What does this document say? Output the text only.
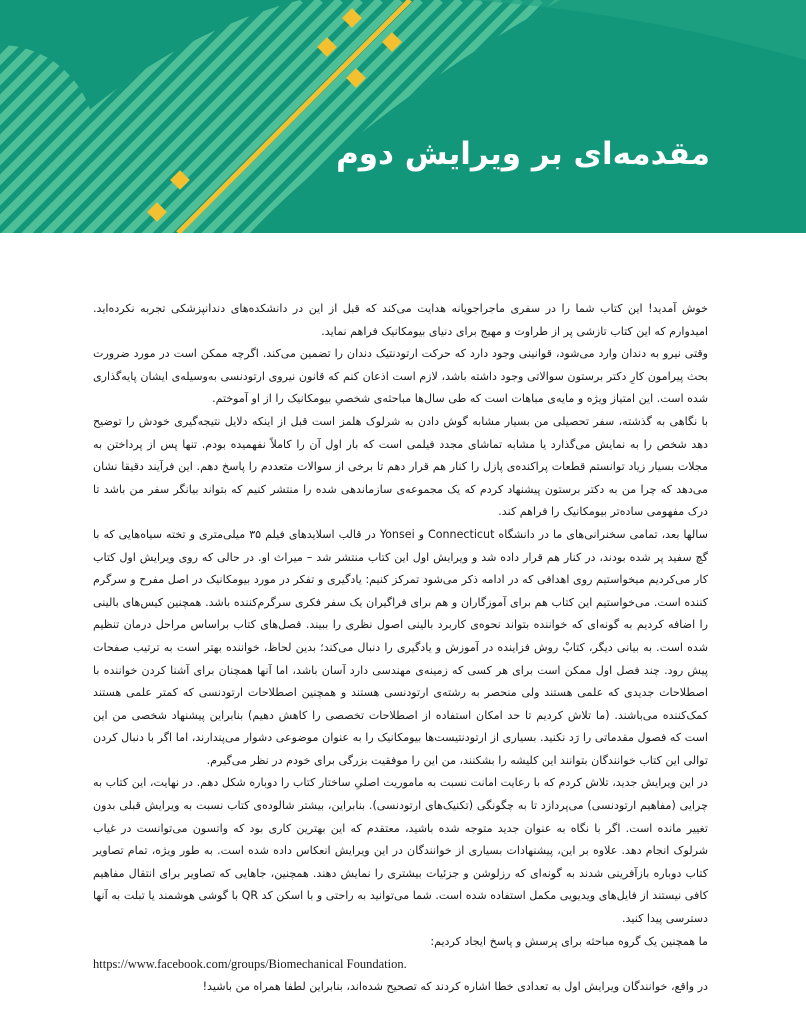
مقدمه‌ای بر ویرایش دوم

خوش آمدید! این کتاب شما را در سفری ماجراجویانه هدایت می‌کند که قبل از این در دانشکده‌های دندانپزشکی تجربه نکرده‌اید. امیدوارم که این کتاب تازشی پر از طراوت و مهیج برای دنیای بیومکانیک فراهم نماید.

وقتی نیرو به دندان وارد می‌شود، قوانینی وجود دارد که حرکت ارتودنتیک دندان را تضمین می‌کند. اگرچه ممکن است در مورد ضرورت بحث پیرامون کارِ دکتر برستون سوالاتی وجود داشته باشد، لازم است اذعان کنم که قانون نیروی ارتودنسی به‌وسیله‌ی ایشان پایه‌گذاری شده است. این امتیاز ویژه و مایه‌ی مباهات است که طی سال‌ها مباحثه‌ی شخصیِ بیومکانیک را از او آموختم.

با نگاهی به گذشته، سفر تحصیلی من بسیار مشابه گوش دادن به شرلوک هلمز است قبل از اینکه دلایل نتیجه‌گیری خودش را توضیح دهد شخص را به نمایش می‌گذارد یا مشابه تماشای مجدد فیلمی است که بار اول آن را کاملاً نفهمیده بودم. تنها پس از پرداختن به مجلات بسیار زیاد توانستم قطعات پراکنده‌ی پازل را کنار هم قرار دهم تا برخی از سوالات متعددم را پاسخ دهم. این فرآیند دقیقا نشان می‌دهد که چرا من به دکتر برستون پیشنهاد کردم که یک مجموعه‌ی سازماندهی شده را منتشر کنیم که بتواند بیانگر سفر من باشد تا درک مفهومی ساده‌تر بیومکانیک را فراهم کند.

سالها بعد، تمامی سخنرانی‌های ما در دانشگاه Connecticut و Yonsei در قالب اسلایدهای فیلم ۳۵ میلی‌متری و تخته سیاه‌هایی که با گچ سفید پر شده بودند، در کنار هم قرار داده شد و ویرایش اول این کتاب منتشر شد – میراث او. در حالی که روی ویرایش اول کتاب کار می‌کردیم میخواستیم روی اهدافی که در ادامه ذکر می‌شود تمرکز کنیم: یادگیری و تفکر در مورد بیومکانیک در اصل مفرح و سرگرم کننده است. می‌خواستیم این کتاب هم برای آموزگاران و هم برای فراگیران یک سفر فکری سرگرم‌کننده باشد. همچنین کیس‌های بالینی را اضافه کردیم به گونه‌ای که خواننده بتواند نحوه‌ی کاربرد بالینی اصول نظری را ببیند. فصل‌های کتاب براساس مراحل درمان تنظیم شده است. به بیانی دیگر، کتابْ روش فزاینده در آموزش و یادگیری را دنبال می‌کند؛ بدین لحاظ، خواننده بهتر است به ترتیب صفحات پیش رود. چند فصل اول ممکن است برای هر کسی که زمینه‌ی مهندسی دارد آسان باشد، اما آنها همچنان برای آشنا کردن خواننده با اصطلاحات جدیدی که علمی هستند ولی منحصر به رشته‌ی ارتودنسی هستند و همچنین اصطلاحات ارتودنسی که کمتر علمی هستند کمک‌کننده می‌باشند. (ما تلاش کردیم تا حد امکان استفاده از اصطلاحات تخصصی را کاهش دهیم) بنابراین پیشنهاد شخصی من این است که فصول مقدماتی را رَد نکنید. بسیاری از ارتودنتیست‌ها بیومکانیک را به عنوان موضوعی دشوار می‌پندارند، اما اگر با دنبال کردن توالی این کتاب خوانندگان بتوانند این کلیشه را بشکنند، من این را موفقیت بزرگی برای خودم در نظر می‌گیرم.

در این ویرایش جدید، تلاش کردم که با رعایت امانت نسبت به ماموریت اصلیِ ساختار کتاب را دوباره شکل دهم. در نهایت، این کتاب به چرایی (مفاهیم ارتودنسی) می‌پردازد تا به چگونگی (تکنیک‌های ارتودنسی). بنابراین، بیشتر شالوده‌ی کتاب نسبت به ویرایش قبلی بدون تغییر مانده است. اگر با نگاه به عنوان جدید متوجه شده باشید، معتقدم که این بهترین کاری بود که واتسون می‌توانست در غیاب شرلوک انجام دهد. علاوه بر این، پیشنهادات بسیاری از خوانندگان در این ویرایش انعکاس داده شده است. به طور ویژه، تمام تصاویر کتاب دوباره بازآفرینی شدند به گونه‌ای که رزلوشن و جزئیات بیشتری را نمایش دهند. همچنین، جاهایی که تصاویر برای انتقال مفاهیم کافی نیستند از فایل‌های ویدیویی مکمل استفاده شده است. شما می‌توانید به راحتی و با اسکن کد QR با گوشی هوشمند یا تبلت به آنها دسترسی پیدا کنید.

ما همچنین یک گروه مباحثه برای پرسش و پاسخ ایجاد کردیم:

https://www.facebook.com/groups/Biomechanical Foundation.

در واقع، خوانندگان ویرایش اول به تعدادی خطا اشاره کردند که تصحیح شده‌اند، بنابراین لطفا همراه من باشید!
